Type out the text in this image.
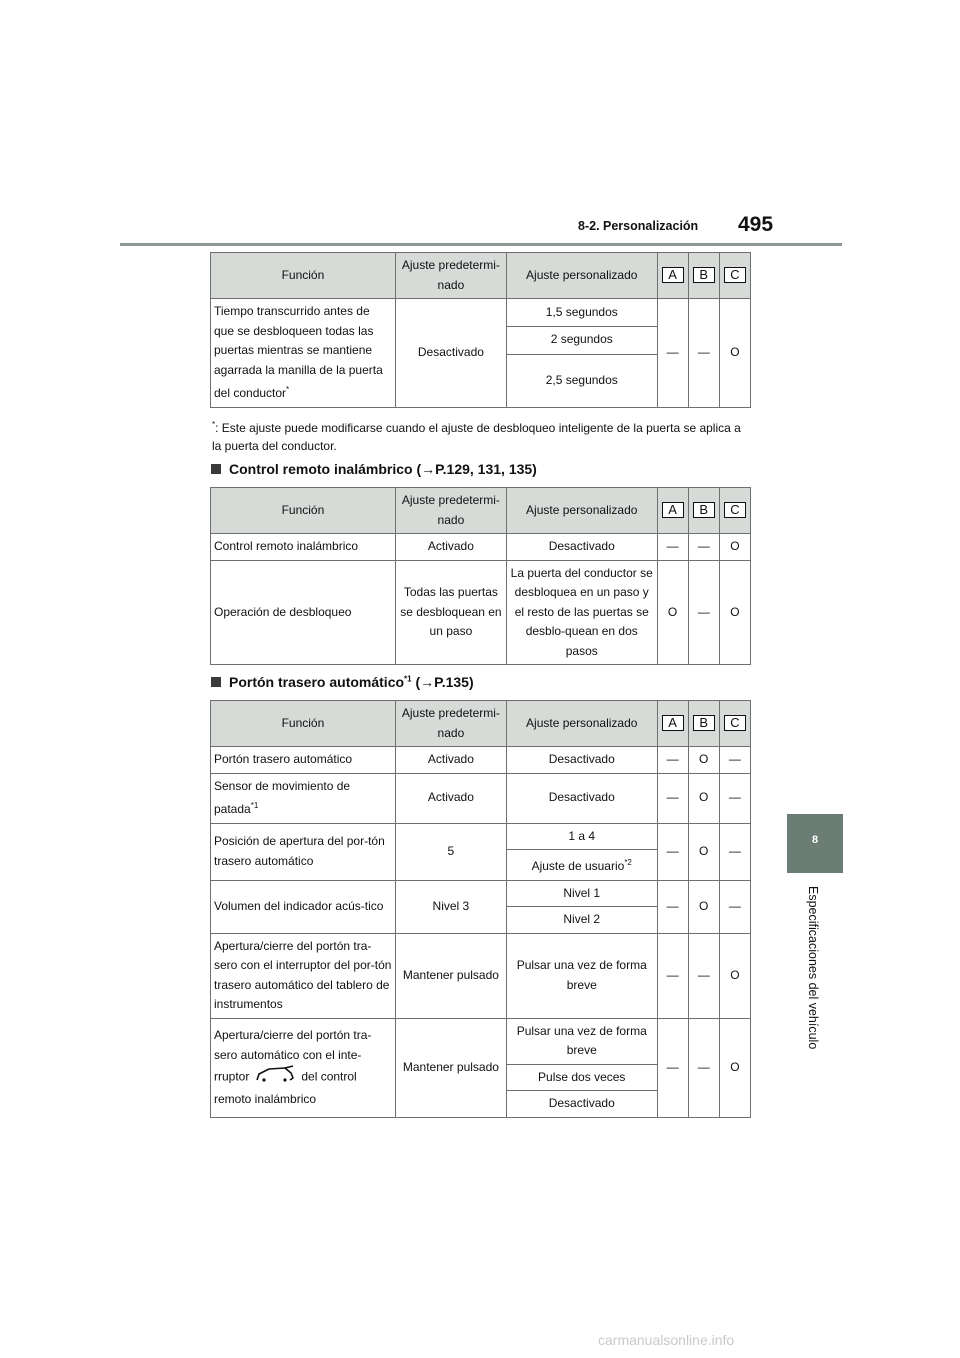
8-2. Personalización 495
8
Especificaciones del vehículo
Función	Ajuste predetermi-nado	Ajuste personalizado	A	B	C
Tiempo transcurrido antes de que se desbloqueen todas las puertas mientras se mantiene agarrada la manilla de la puerta del conductor*	Desactivado	1,5 segundos	—	—	O
		2 segundos			
		2,5 segundos			
*: Este ajuste puede modificarse cuando el ajuste de desbloqueo inteligente de la puerta se aplica a la puerta del conductor.
Control remoto inalámbrico (→P.129, 131, 135)
Función	Ajuste predetermi-nado	Ajuste personalizado	A	B	C
Control remoto inalámbrico	Activado	Desactivado	—	—	O
Operación de desbloqueo	Todas las puertas se desbloquean en un paso	La puerta del conductor se desbloquea en un paso y el resto de las puertas se desblo-quean en dos pasos	O	—	O
Portón trasero automático$^{*1}$ (→P.135)
Función	Ajuste predetermi-nado	Ajuste personalizado	A	B	C
Portón trasero automático	Activado	Desactivado	—	O	—
Sensor de movimiento de patada$^{*1}$	Activado	Desactivado	—	O	—
Posición de apertura del por-tón trasero automático	5	1 a 4	—	O	—
		Ajuste de usuario$^{*2}$
Volumen del indicador acús-tico	Nivel 3	Nivel 1	—	O	—
		Nivel 2			
Apertura/cierre del portón tra-sero con el interruptor del por-tón trasero automático del tablero de instrumentos	Mantener pulsado	Pulsar una vez de forma breve	—	—	O
Apertura/cierre del portón tra-sero automático con el inte-rruptor del control remoto inalámbrico	Mantener pulsado	Pulsar una vez de forma breve	—	—	O
		Pulse dos veces			
		Desactivado			
carmanualsonline.info
